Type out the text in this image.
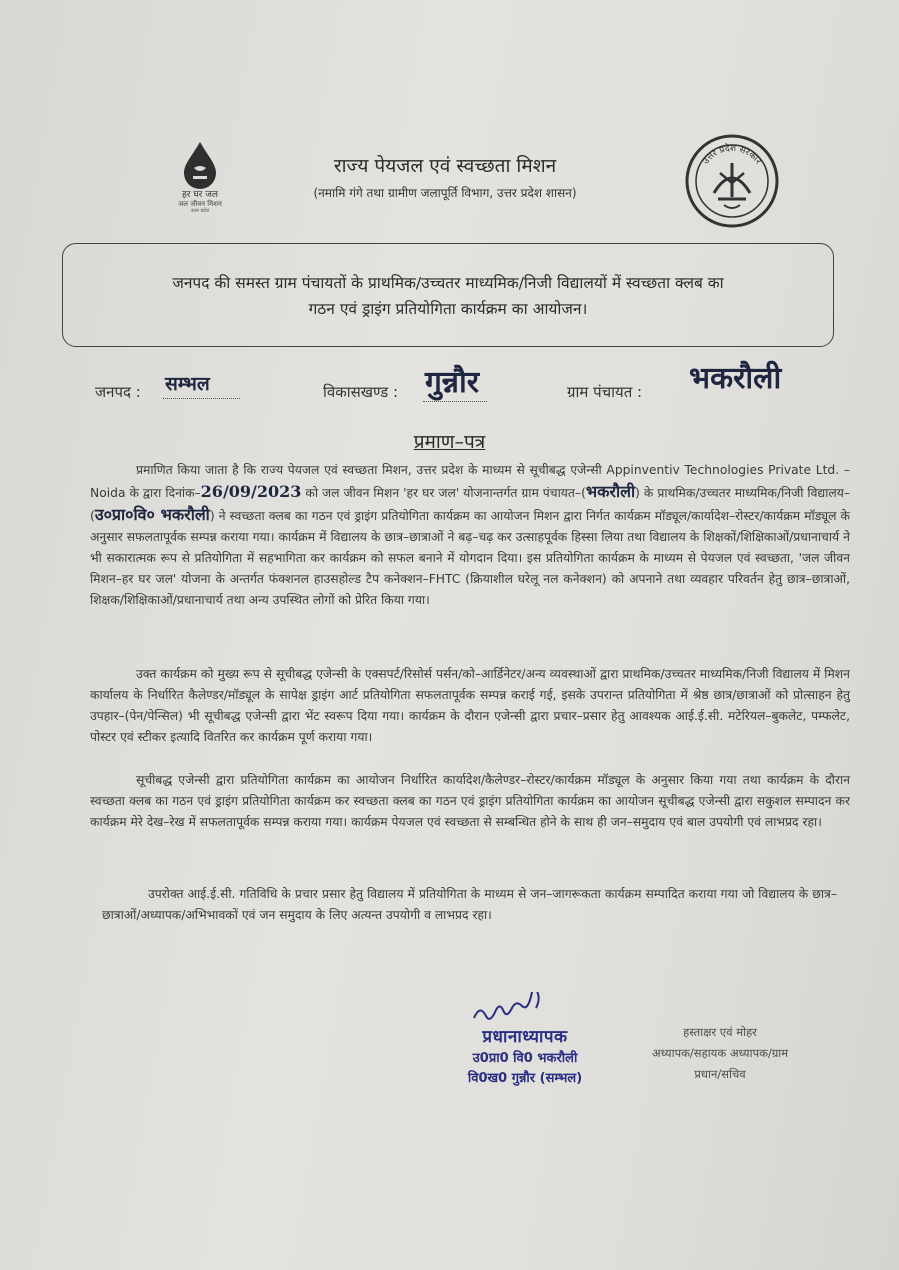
हर घर जल
जल जीवन मिशन
उत्तर प्रदेश
राज्य पेयजल एवं स्वच्छता मिशन
(नमामि गंगे तथा ग्रामीण जलापूर्ति विभाग, उत्तर प्रदेश शासन)
उत्तर प्रदेश सरकार
जनपद की समस्त ग्राम पंचायतों के प्राथमिक/उच्चतर माध्यमिक/निजी विद्यालयों में स्वच्छता क्लब का
गठन एवं ड्राइंग प्रतियोगिता कार्यक्रम का आयोजन।
जनपद : सम्भल	विकासखण्ड : गुन्नौर	ग्राम पंचायत : भकरौली
प्रमाण–पत्र
प्रमाणित किया जाता है कि राज्य पेयजल एवं स्वच्छता मिशन, उत्तर प्रदेश के माध्यम से सूचीबद्ध एजेन्सी Appinventiv Technologies Private Ltd. – Noida के द्वारा दिनांक–26/09/2023 को जल जीवन मिशन 'हर घर जल' योजनान्तर्गत ग्राम पंचायत–(भकरौली) के प्राथमिक/उच्चतर माध्यमिक/निजी विद्यालय–(उ०प्रा०वि० भकरौली) ने स्वच्छता क्लब का गठन एवं ड्राइंग प्रतियोगिता कार्यक्रम का आयोजन मिशन द्वारा निर्गत कार्यक्रम मॉड्यूल/कार्यादेश–रोस्टर/कार्यक्रम मॉड्यूल के अनुसार सफलतापूर्वक सम्पन्न कराया गया। कार्यक्रम में विद्यालय के छात्र–छात्राओं ने बढ़–चढ़ कर उत्साहपूर्वक हिस्सा लिया तथा विद्यालय के शिक्षकों/शिक्षिकाओं/प्रधानाचार्य ने भी सकारात्मक रूप से प्रतियोगिता में सहभागिता कर कार्यक्रम को सफल बनाने में योगदान दिया। इस प्रतियोगिता कार्यक्रम के माध्यम से पेयजल एवं स्वच्छता, 'जल जीवन मिशन–हर घर जल' योजना के अन्तर्गत फंक्शनल हाउसहोल्ड टैप कनेक्शन–FHTC (क्रियाशील घरेलू नल कनेक्शन) को अपनाने तथा व्यवहार परिवर्तन हेतु छात्र–छात्राओं, शिक्षक/शिक्षिकाओं/प्रधानाचार्य तथा अन्य उपस्थित लोगों को प्रेरित किया गया।
उक्त कार्यक्रम को मुख्य रूप से सूचीबद्ध एजेन्सी के एक्सपर्ट/रिसोर्स पर्सन/को–आर्डिनेटर/अन्य व्यवस्थाओं द्वारा प्राथमिक/उच्चतर माध्यमिक/निजी विद्यालय में मिशन कार्यालय के निर्धारित कैलेण्डर/मॉड्यूल के सापेक्ष ड्राइंग आर्ट प्रतियोगिता सफलतापूर्वक सम्पन्न कराई गई, इसके उपरान्त प्रतियोगिता में श्रेष्ठ छात्र/छात्राओं को प्रोत्साहन हेतु उपहार–(पेन/पेन्सिल) भी सूचीबद्ध एजेन्सी द्वारा भेंट स्वरूप दिया गया। कार्यक्रम के दौरान एजेन्सी द्वारा प्रचार–प्रसार हेतु आवश्यक आई.ई.सी. मटेरियल–बुकलेट, पम्फलेट, पोस्टर एवं स्टीकर इत्यादि वितरित कर कार्यक्रम पूर्ण कराया गया।
सूचीबद्ध एजेन्सी द्वारा प्रतियोगिता कार्यक्रम का आयोजन निर्धारित कार्यादेश/कैलेण्डर–रोस्टर/कार्यक्रम मॉड्यूल के अनुसार किया गया तथा कार्यक्रम के दौरान स्वच्छता क्लब का गठन एवं ड्राइंग प्रतियोगिता कार्यक्रम कर स्वच्छता क्लब का गठन एवं ड्राइंग प्रतियोगिता कार्यक्रम का आयोजन सूचीबद्ध एजेन्सी द्वारा सकुशल सम्पादन कर कार्यक्रम मेरे देख–रेख में सफलतापूर्वक सम्पन्न कराया गया। कार्यक्रम पेयजल एवं स्वच्छता से सम्बन्धित होने के साथ ही जन–समुदाय एवं बाल उपयोगी एवं लाभप्रद रहा।
उपरोक्त आई.ई.सी. गतिविधि के प्रचार प्रसार हेतु विद्यालय में प्रतियोगिता के माध्यम से जन–जागरूकता कार्यक्रम सम्पादित कराया गया जो विद्यालय के छात्र–छात्राओं/अध्यापक/अभिभावकों एवं जन समुदाय के लिए अत्यन्त उपयोगी व लाभप्रद रहा।
प्रधानाध्यापक
उ0प्रा0 वि0 भकरौली
वि0ख0 गुन्नौर (सम्भल)
हस्ताक्षर एवं मोहर
अध्यापक/सहायक अध्यापक/ग्राम
प्रधान/सचिव
